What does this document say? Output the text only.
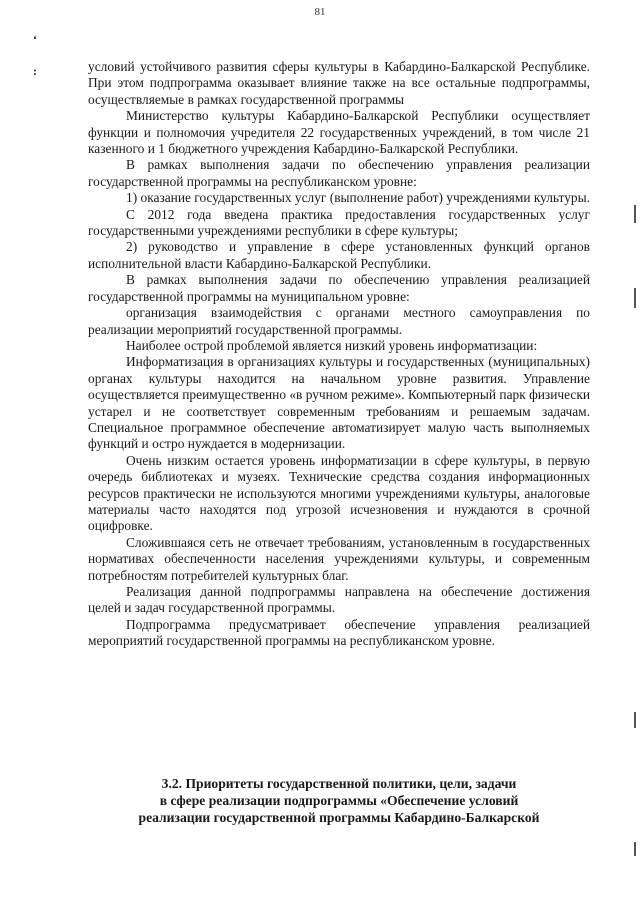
81
‘
:	условий устойчивого развития сферы культуры в Кабардино-Балкарской Республике. При этом подпрограмма оказывает влияние также на все остальные подпрограммы, осуществляемые в рамках государственной программы

Министерство культуры Кабардино-Балкарской Республики осуществляет функции и полномочия учредителя 22 государственных учреждений, в том числе 21 казенного и 1 бюджетного учреждения Кабардино-Балкарской Республики.

В рамках выполнения задачи по обеспечению управления реализации государственной программы на республиканском уровне:

1) оказание государственных услуг (выполнение работ) учреждениями культуры.

С 2012 года введена практика предоставления государственных услуг государственными учреждениями республики в сфере культуры;

2) руководство и управление в сфере установленных функций органов исполнительной власти Кабардино-Балкарской Республики.

В рамках выполнения задачи по обеспечению управления реализацией государственной программы на муниципальном уровне:

организация взаимодействия с органами местного самоуправления по реализации мероприятий государственной программы.

Наиболее острой проблемой является низкий уровень информатизации:

Информатизация в организациях культуры и государственных (муниципальных) органах культуры находится на начальном уровне развития. Управление осуществляется преимущественно «в ручном режиме». Компьютерный парк физически устарел и не соответствует современным требованиям и решаемым задачам. Специальное программное обеспечение автоматизирует малую часть выполняемых функций и остро нуждается в модернизации.

Очень низким остается уровень информатизации в сфере культуры, в первую очередь библиотеках и музеях. Технические средства создания информационных ресурсов практически не используются многими учреждениями культуры, аналоговые материалы часто находятся под угрозой исчезновения и нуждаются в срочной оцифровке.

Сложившаяся сеть не отвечает требованиям, установленным в государственных нормативах обеспеченности населения учреждениями культуры, и современным потребностям потребителей культурных благ.

Реализация данной подпрограммы направлена на обеспечение достижения целей и задач государственной программы.

Подпрограмма предусматривает обеспечение управления реализацией мероприятий государственной программы на республиканском уровне.

3.2. Приоритеты государственной политики, цели, задачи
в сфере реализации подпрограммы «Обеспечение условий
реализации государственной программы Кабардино-Балкарской
